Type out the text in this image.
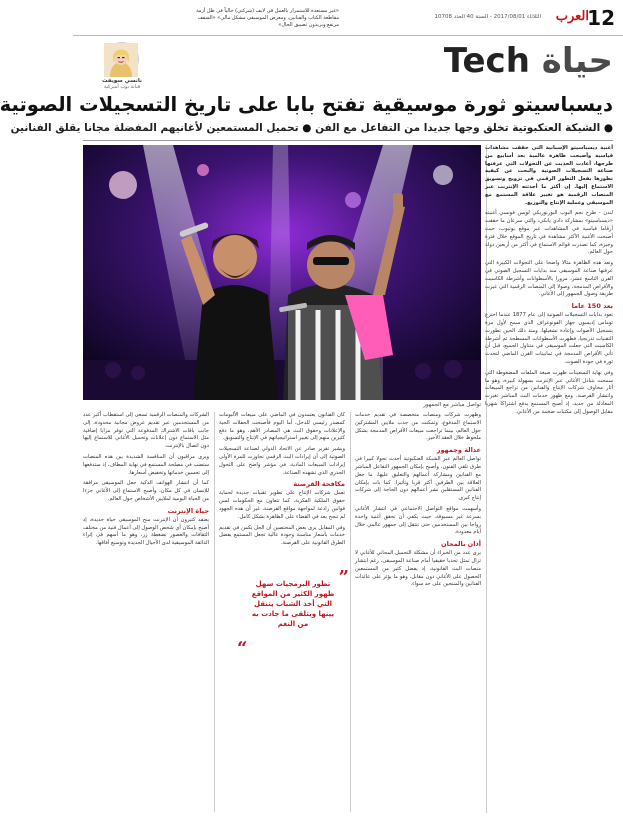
12
العرب
الثلاثاء 2017/08/01 - السنة 40 العدد 10708
«غير مستعدة للاستمرار بالعمل في لايف (شركتي) حالياً في ظل أزمة مقاطعة الكتاب والفنانين، ومعرض الموسيقى مشكل مالي» «السقف مرتفع ويريدون تضييق الحال»
حياة Tech
نانسي سويفت
فنانة بوب أميركية
ديسباسيتو ثورة موسيقية تفتح بابا على تاريخ التسجيلات الصوتية
● الشبكة العنكبوتية تخلق وجها جديدا من التفاعل مع الفن ● تحميل المستمعين لأغانيهم المفضلة مجانا يقلق الفنانين
تواصل مباشر مع الجمهور

أغنية ديسباسيتو الإسبانية التي حققت مشاهدات قياسية وأصبحت ظاهرة عالمية بعد أسابيع من طرحها، أعادت الحديث عن التحولات التي عرفتها صناعة التسجيلات الصوتية والبحث عن كيفية تطورها بفعل التطور الرقمي في ترويج وتسويق الاستماع إليها. إن أكثر ما أحدثته الإنترنت عبر المنصات الرقمية هو تغيير علاقة المستمع مع الموسيقى وعملية الإنتاج والتوزيع.

لندن - طرح نجم البوب البورتوريكي لويس فونسي أغنيته «ديسباسيتو» بمشاركة دادي يانكي، والتي سرعان ما حققت أرقاما قياسية في المشاهدات عبر موقع يوتيوب، حيث أصبحت الأغنية الأكثر مشاهدة في تاريخ الموقع خلال فترة وجيزة، كما تصدرت قوائم الاستماع في أكثر من أربعين دولة حول العالم.

وتعد هذه الظاهرة مثالا واضحا على التحولات الكبيرة التي عرفتها صناعة الموسيقى منذ بدايات التسجيل الصوتي في القرن التاسع عشر، مرورا بالأسطوانات وأشرطة الكاسيت والأقراص المدمجة، وصولا إلى المنصات الرقمية التي غيرت طريقة وصول الجمهور إلى الأغاني.

بعد 150 عاما

تعود بدايات التسجيلات الصوتية إلى عام 1877 عندما اخترع توماس إديسون جهاز الفونوغراف الذي سمح لأول مرة بتسجيل الأصوات وإعادة تشغيلها. ومنذ ذلك الحين تطورت التقنيات تدريجيا، فظهرت الأسطوانات المسطحة ثم أشرطة الكاسيت التي جعلت الموسيقى في متناول الجميع، قبل أن تأتي الأقراص المدمجة في ثمانينات القرن الماضي لتحدث ثورة في جودة الصوت.

وفي نهاية التسعينات ظهرت صيغة الملفات المضغوطة التي سمحت بتبادل الأغاني عبر الإنترنت بسهولة كبيرة، وهو ما أثار مخاوف شركات الإنتاج والفنانين من تراجع المبيعات وانتشار القرصنة. ومع ظهور خدمات البث المباشر تغيرت المعادلة من جديد، إذ أصبح المستمع يدفع اشتراكا شهريا مقابل الوصول إلى مكتبات ضخمة من الأغاني.

وظهرت شركات ومنصات متخصصة في تقديم خدمات الاستماع المدفوع، وتمكنت من جذب ملايين المشتركين حول العالم، بينما تراجعت مبيعات الأقراص المدمجة بشكل ملحوظ خلال العقد الأخير.

عدالة وجمهور

تواصل العالم عبر الشبكة العنكبوتية أحدث تحولا كبيرا في طرق تلقي الفنون، وأصبح بإمكان الجمهور التفاعل المباشر مع الفنانين ومشاركة أعمالهم والتعليق عليها، ما جعل العلاقة بين الطرفين أكثر قربا وتأثيرا. كما بات بإمكان الفنانين المستقلين نشر أعمالهم دون الحاجة إلى شركات إنتاج كبرى.

وأسهمت مواقع التواصل الاجتماعي في انتشار الأغاني بسرعة غير مسبوقة، حيث يكفي أن تحقق أغنية واحدة رواجا بين المستخدمين حتى تنتقل إلى جمهور عالمي خلال أيام معدودة.

أذان بالمجان

يرى عدد من الخبراء أن مشكلة التحميل المجاني للأغاني لا تزال تمثل تحديا حقيقيا أمام صناعة الموسيقى، رغم انتشار منصات البث القانونية، إذ يفضل كثير من المستمعين الحصول على الأغاني دون مقابل، وهو ما يؤثر على عائدات الفنانين والمنتجين على حد سواء.

كان الفنانون يعتمدون في الماضي على مبيعات الألبومات كمصدر رئيسي للدخل، أما اليوم فأصبحت الحفلات الحية والإعلانات وحقوق البث هي المصادر الأهم، وهو ما دفع كثيرين منهم إلى تغيير استراتيجياتهم في الإنتاج والتسويق.

ويشير تقرير صادر عن الاتحاد الدولي لصناعة التسجيلات الصوتية إلى أن إيرادات البث الرقمي تجاوزت للمرة الأولى إيرادات المبيعات المادية، في مؤشر واضح على التحول الجذري الذي تشهده الصناعة.

مكافحة القرصنة

تعمل شركات الإنتاج على تطوير تقنيات جديدة لحماية حقوق الملكية الفكرية، كما تتعاون مع الحكومات لسن قوانين رادعة لمواجهة مواقع القرصنة، غير أن هذه الجهود لم تنجح بعد في القضاء على الظاهرة بشكل كامل.

وفي المقابل يرى بعض المختصين أن الحل يكمن في تقديم خدمات بأسعار مناسبة وجودة عالية تجعل المستمع يفضل الطرق القانونية على القرصنة.

”
تطور البرمجيات سهل ظهور الكثير من المواقع التي أخذ الشباب يتنقل بينها ويتلقى ما جادت به من النغم
“

الشركات والمنصات الرقمية تسعى إلى استقطاب أكبر عدد من المستخدمين عبر تقديم عروض مجانية محدودة، إلى جانب باقات الاشتراك المدفوعة التي توفر مزايا إضافية مثل الاستماع دون إعلانات وتحميل الأغاني للاستماع إليها دون اتصال بالإنترنت.

ويرى مراقبون أن المنافسة الشديدة بين هذه المنصات ستصب في مصلحة المستمع في نهاية المطاف، إذ ستدفعها إلى تحسين خدماتها وتخفيض أسعارها.

كما أن انتشار الهواتف الذكية جعل الموسيقى مرافقة للإنسان في كل مكان، وأصبح الاستماع إلى الأغاني جزءا من الحياة اليومية لملايين الأشخاص حول العالم.

حياة الإنترنت

يعتقد كثيرون أن الإنترنت منح الموسيقى حياة جديدة، إذ أصبح بإمكان أي شخص الوصول إلى أعمال فنية من مختلف الثقافات والعصور بضغطة زر، وهو ما أسهم في إثراء الذائقة الموسيقية لدى الأجيال الجديدة وتوسيع آفاقها.
